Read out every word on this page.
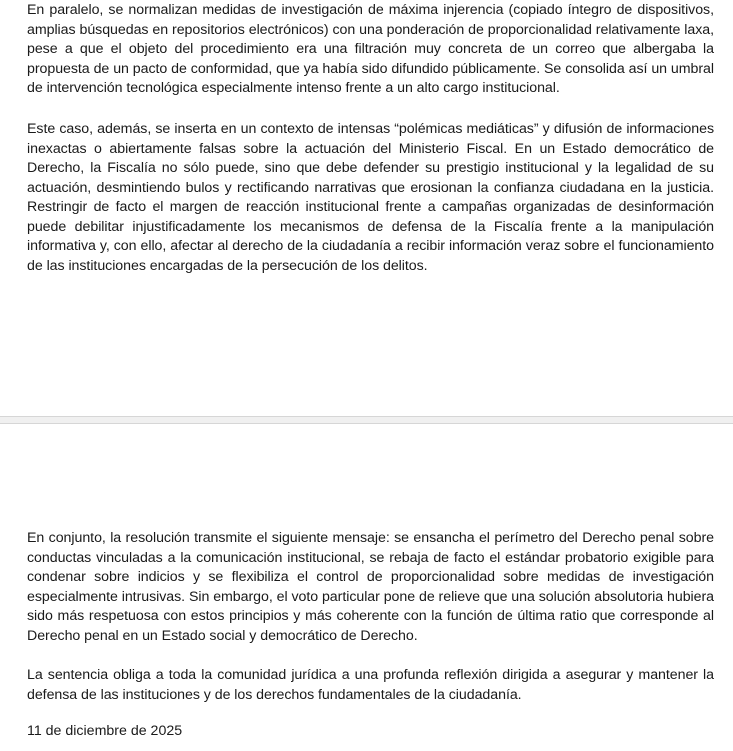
En paralelo, se normalizan medidas de investigación de máxima injerencia (copiado íntegro de dispositivos, amplias búsquedas en repositorios electrónicos) con una ponderación de proporcionalidad relativamente laxa, pese a que el objeto del procedimiento era una filtración muy concreta de un correo que albergaba la propuesta de un pacto de conformidad, que ya había sido difundido públicamente. Se consolida así un umbral de intervención tecnológica especialmente intenso frente a un alto cargo institucional.

Este caso, además, se inserta en un contexto de intensas “polémicas mediáticas” y difusión de informaciones inexactas o abiertamente falsas sobre la actuación del Ministerio Fiscal. En un Estado democrático de Derecho, la Fiscalía no sólo puede, sino que debe defender su prestigio institucional y la legalidad de su actuación, desmintiendo bulos y rectificando narrativas que erosionan la confianza ciudadana en la justicia. Restringir de facto el margen de reacción institucional frente a campañas organizadas de desinformación puede debilitar injustificadamente los mecanismos de defensa de la Fiscalía frente a la manipulación informativa y, con ello, afectar al derecho de la ciudadanía a recibir información veraz sobre el funcionamiento de las instituciones encargadas de la persecución de los delitos.

En conjunto, la resolución transmite el siguiente mensaje: se ensancha el perímetro del Derecho penal sobre conductas vinculadas a la comunicación institucional, se rebaja de facto el estándar probatorio exigible para condenar sobre indicios y se flexibiliza el control de proporcionalidad sobre medidas de investigación especialmente intrusivas. Sin embargo, el voto particular pone de relieve que una solución absolutoria hubiera sido más respetuosa con estos principios y más coherente con la función de última ratio que corresponde al Derecho penal en un Estado social y democrático de Derecho.

La sentencia obliga a toda la comunidad jurídica a una profunda reflexión dirigida a asegurar y mantener la defensa de las instituciones y de los derechos fundamentales de la ciudadanía.

11 de diciembre de 2025
